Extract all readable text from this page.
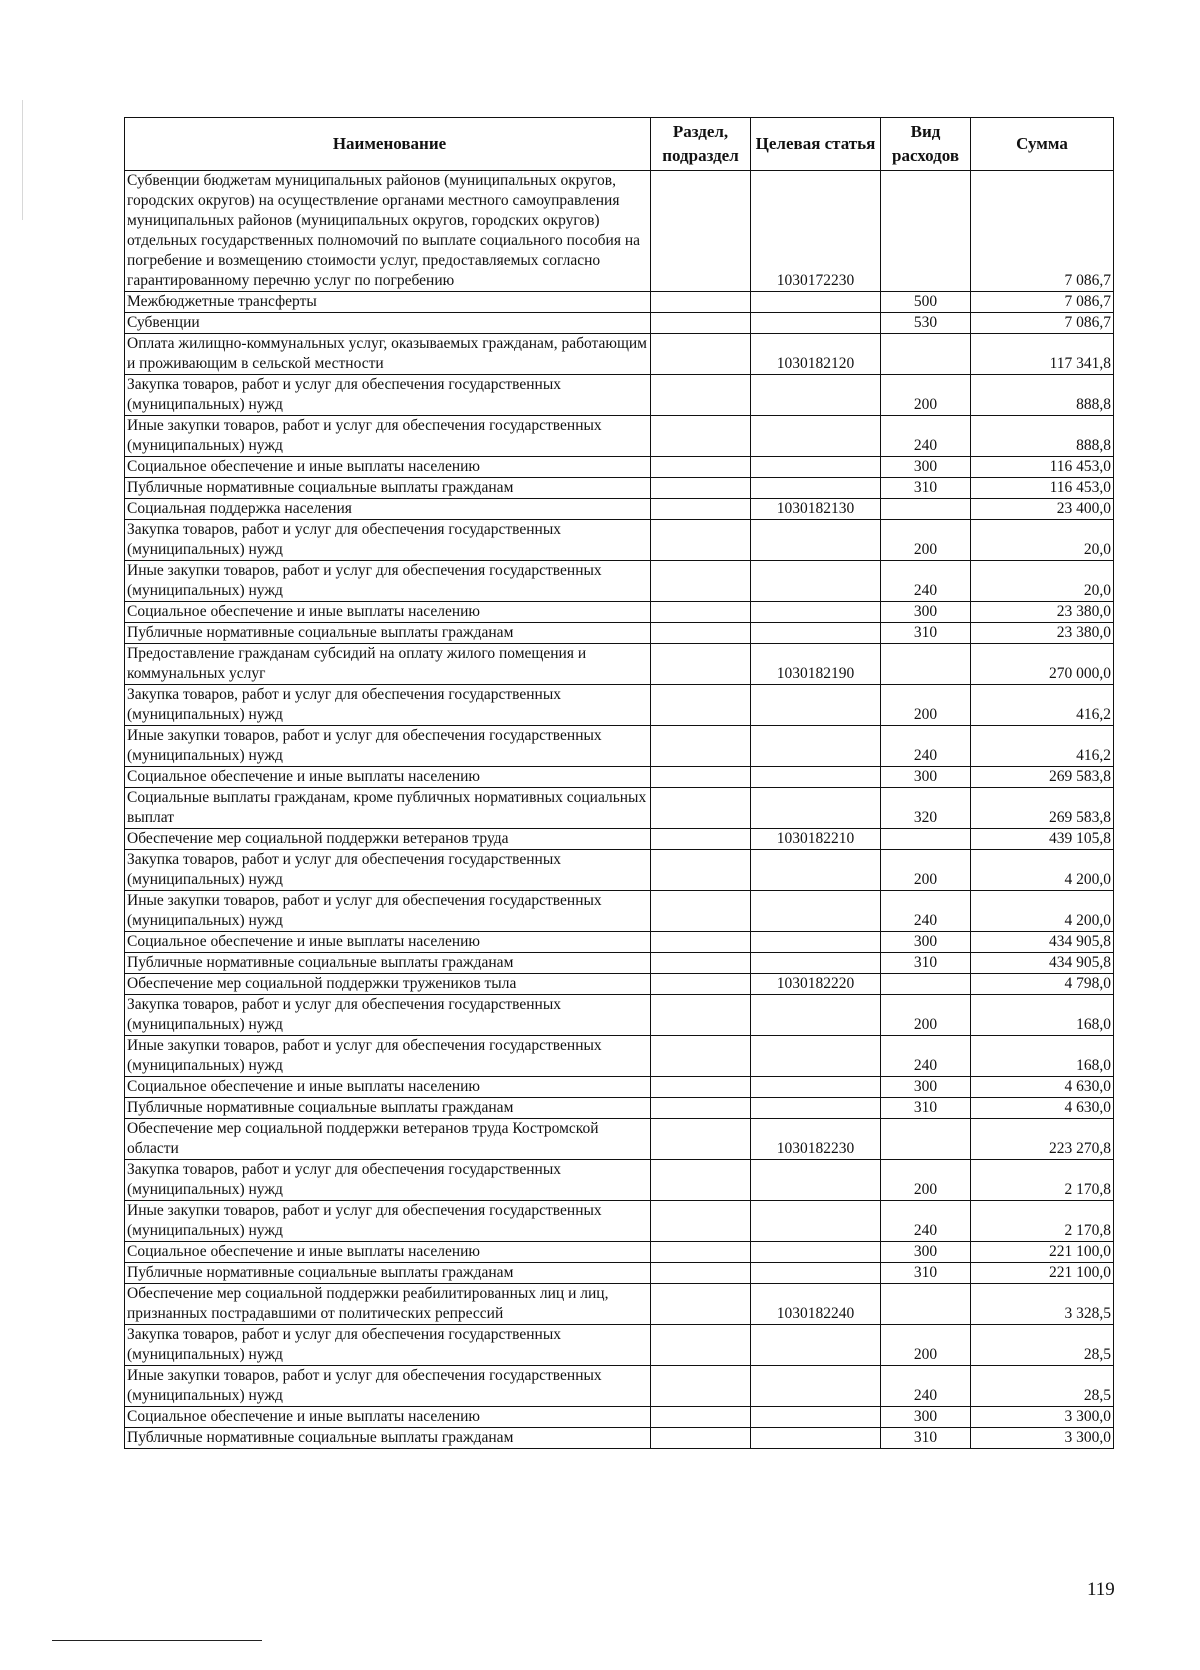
Наименование	Раздел, подраздел	Целевая статья	Вид расходов	Сумма
Субвенции бюджетам муниципальных районов (муниципальных округов, городских округов) на осуществление органами местного самоуправления муниципальных районов (муниципальных округов, городских округов) отдельных государственных полномочий по выплате социального пособия на погребение и возмещению стоимости услуг, предоставляемых согласно гарантированному перечню услуг по погребению		1030172230		7 086,7
Межбюджетные трансферты			500	7 086,7
Субвенции			530	7 086,7
Оплата жилищно-коммунальных услуг, оказываемых гражданам, работающим и проживающим в сельской местности		1030182120		117 341,8
Закупка товаров, работ и услуг для обеспечения государственных (муниципальных) нужд			200	888,8
Иные закупки товаров, работ и услуг для обеспечения государственных (муниципальных) нужд			240	888,8
Социальное обеспечение и иные выплаты населению			300	116 453,0
Публичные нормативные социальные выплаты гражданам			310	116 453,0
Социальная поддержка населения		1030182130		23 400,0
Закупка товаров, работ и услуг для обеспечения государственных (муниципальных) нужд			200	20,0
Иные закупки товаров, работ и услуг для обеспечения государственных (муниципальных) нужд			240	20,0
Социальное обеспечение и иные выплаты населению			300	23 380,0
Публичные нормативные социальные выплаты гражданам			310	23 380,0
Предоставление гражданам субсидий на оплату жилого помещения и коммунальных услуг		1030182190		270 000,0
Закупка товаров, работ и услуг для обеспечения государственных (муниципальных) нужд			200	416,2
Иные закупки товаров, работ и услуг для обеспечения государственных (муниципальных) нужд			240	416,2
Социальное обеспечение и иные выплаты населению			300	269 583,8
Социальные выплаты гражданам, кроме публичных нормативных социальных выплат			320	269 583,8
Обеспечение мер социальной поддержки ветеранов труда		1030182210		439 105,8
Закупка товаров, работ и услуг для обеспечения государственных (муниципальных) нужд			200	4 200,0
Иные закупки товаров, работ и услуг для обеспечения государственных (муниципальных) нужд			240	4 200,0
Социальное обеспечение и иные выплаты населению			300	434 905,8
Публичные нормативные социальные выплаты гражданам			310	434 905,8
Обеспечение мер социальной поддержки тружеников тыла		1030182220		4 798,0
Закупка товаров, работ и услуг для обеспечения государственных (муниципальных) нужд			200	168,0
Иные закупки товаров, работ и услуг для обеспечения государственных (муниципальных) нужд			240	168,0
Социальное обеспечение и иные выплаты населению			300	4 630,0
Публичные нормативные социальные выплаты гражданам			310	4 630,0
Обеспечение мер социальной поддержки ветеранов труда Костромской области		1030182230		223 270,8
Закупка товаров, работ и услуг для обеспечения государственных (муниципальных) нужд			200	2 170,8
Иные закупки товаров, работ и услуг для обеспечения государственных (муниципальных) нужд			240	2 170,8
Социальное обеспечение и иные выплаты населению			300	221 100,0
Публичные нормативные социальные выплаты гражданам			310	221 100,0
Обеспечение мер социальной поддержки реабилитированных лиц и лиц, признанных пострадавшими от политических репрессий		1030182240		3 328,5
Закупка товаров, работ и услуг для обеспечения государственных (муниципальных) нужд			200	28,5
Иные закупки товаров, работ и услуг для обеспечения государственных (муниципальных) нужд			240	28,5
Социальное обеспечение и иные выплаты населению			300	3 300,0
Публичные нормативные социальные выплаты гражданам			310	3 300,0
119
